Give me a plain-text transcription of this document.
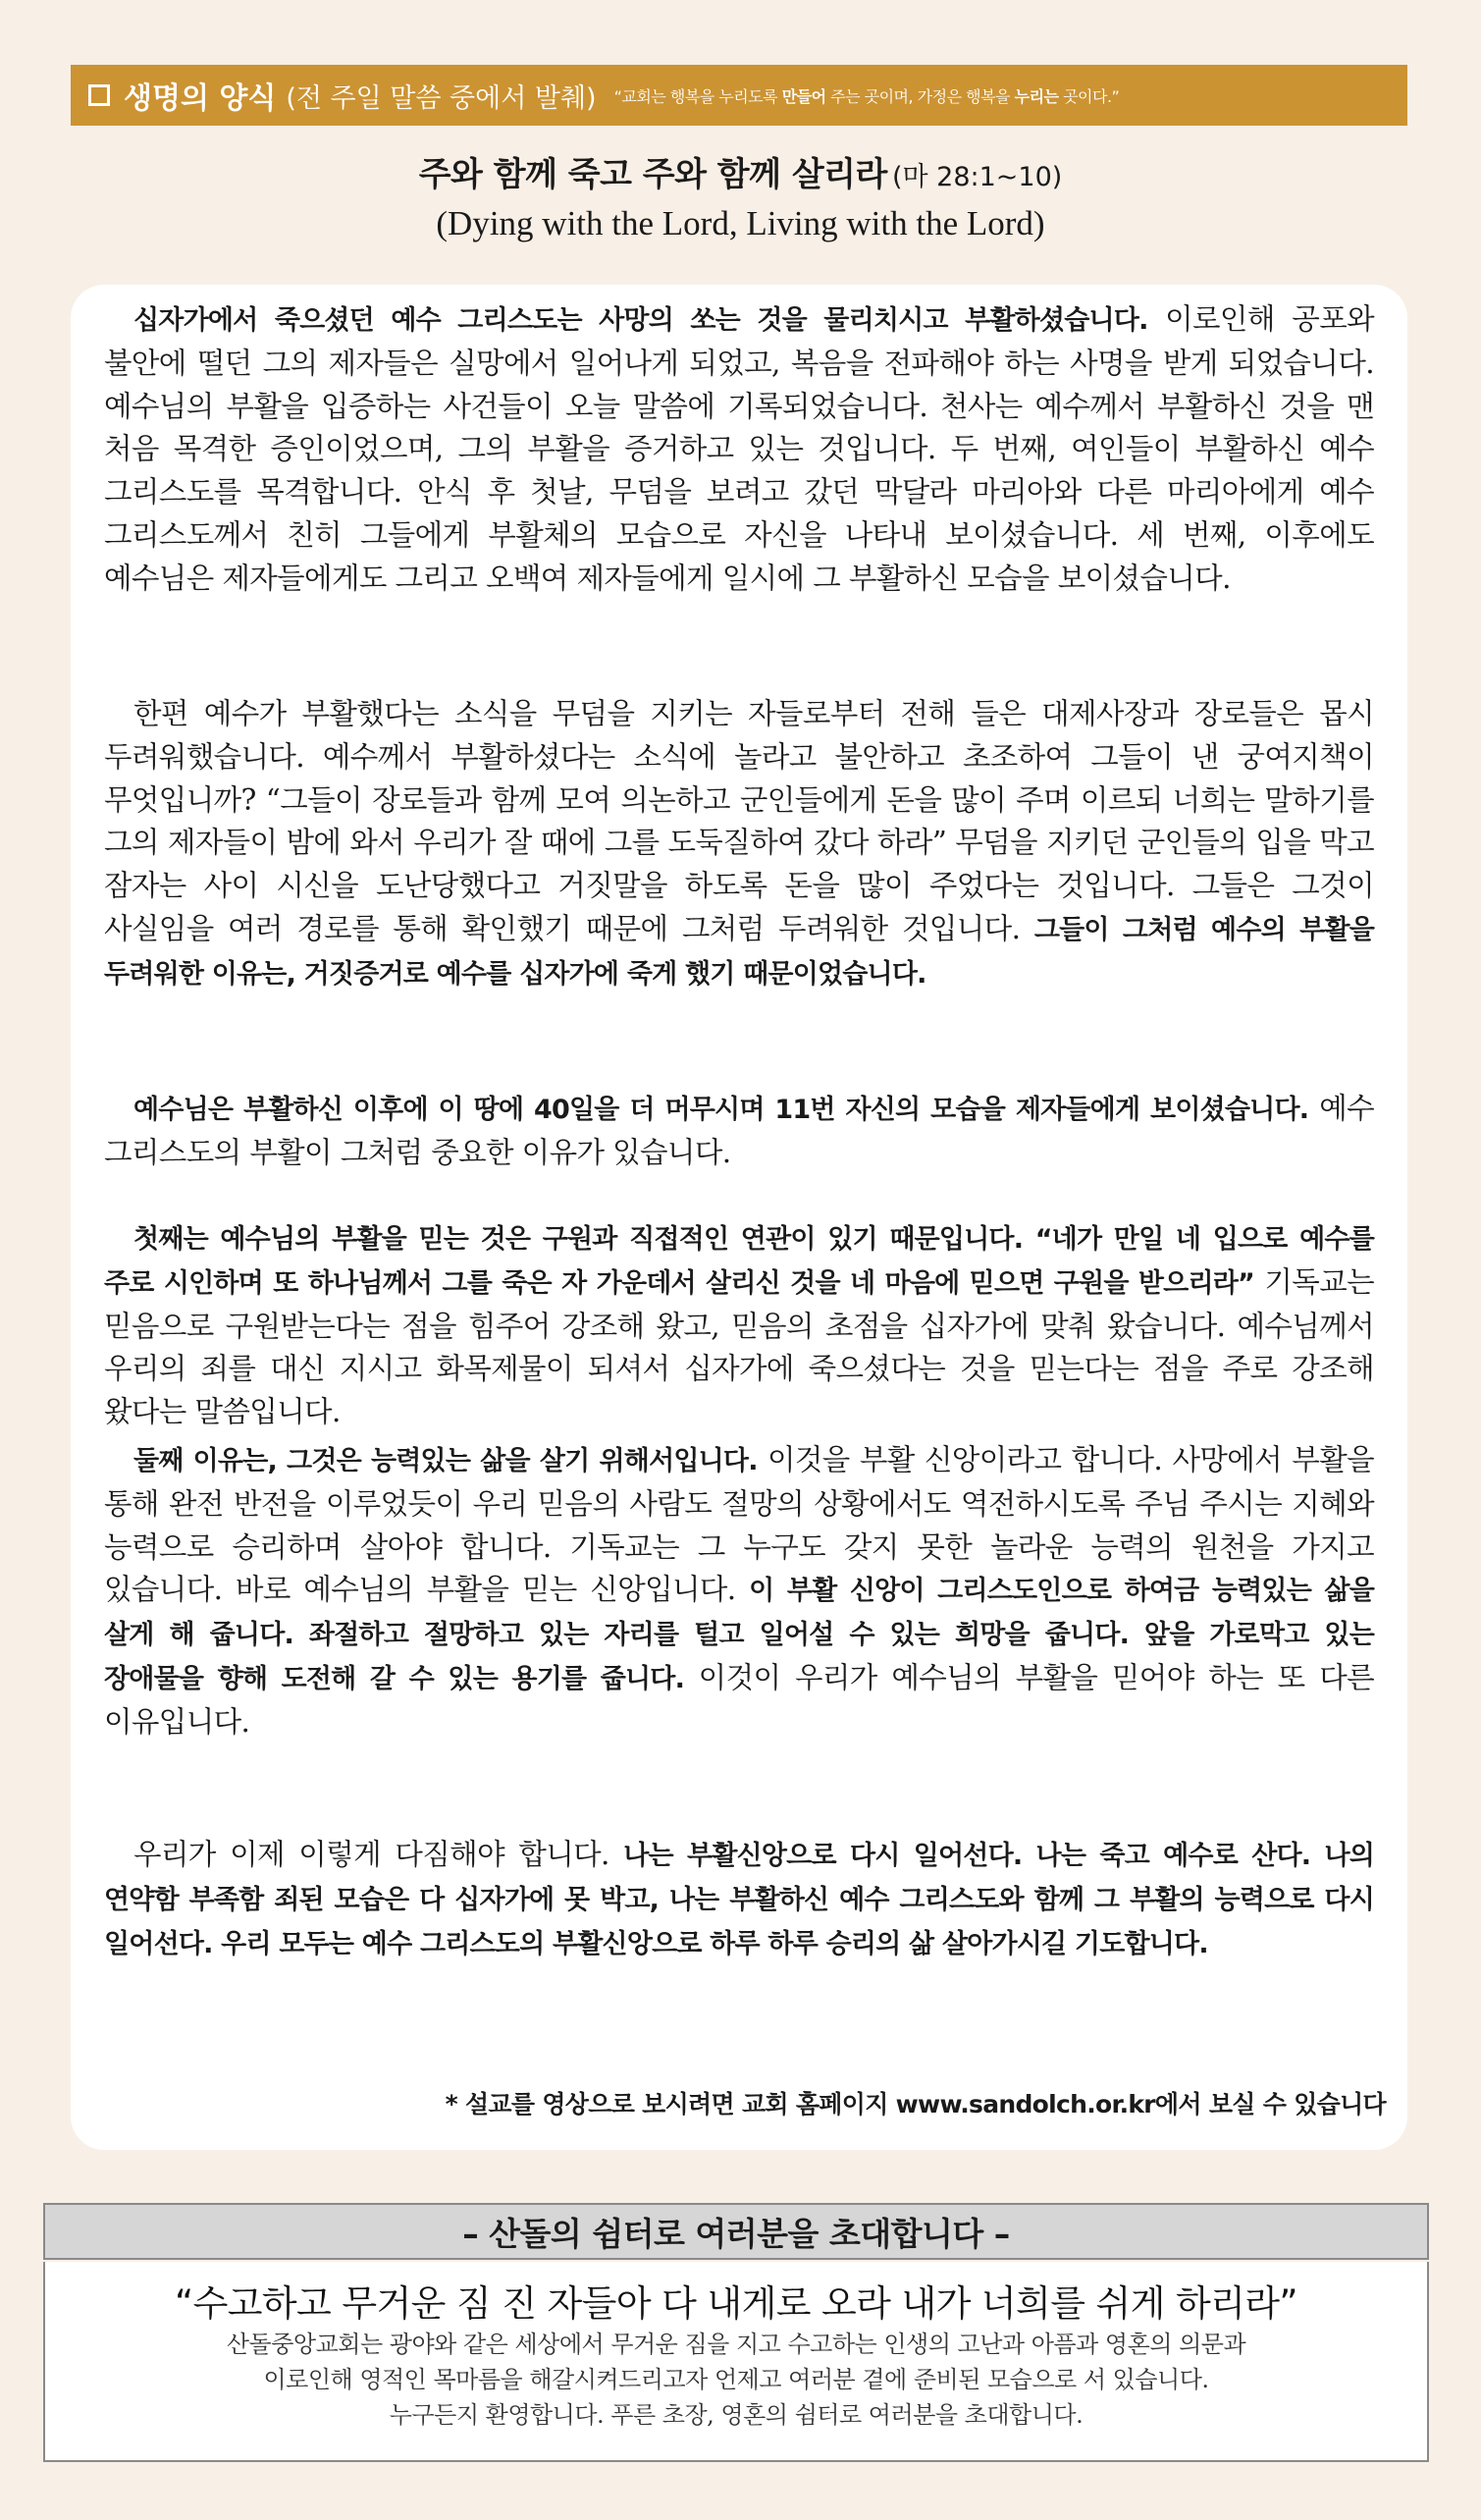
생명의 양식 (전 주일 말씀 중에서 발췌) “교회는 행복을 누리도록 만들어 주는 곳이며, 가정은 행복을 누리는 곳이다.”
주와 함께 죽고 주와 함께 살리라 (마 28:1~10)
(Dying with the Lord, Living with the Lord)

십자가에서 죽으셨던 예수 그리스도는 사망의 쏘는 것을 물리치시고 부활하셨습니다. 이로인해 공포와 불안에 떨던 그의 제자들은 실망에서 일어나게 되었고, 복음을 전파해야 하는 사명을 받게 되었습니다. 예수님의 부활을 입증하는 사건들이 오늘 말씀에 기록되었습니다. 천사는 예수께서 부활하신 것을 맨 처음 목격한 증인이었으며, 그의 부활을 증거하고 있는 것입니다. 두 번째, 여인들이 부활하신 예수 그리스도를 목격합니다. 안식 후 첫날, 무덤을 보려고 갔던 막달라 마리아와 다른 마리아에게 예수 그리스도께서 친히 그들에게 부활체의 모습으로 자신을 나타내 보이셨습니다. 세 번째, 이후에도 예수님은 제자들에게도 그리고 오백여 제자들에게 일시에 그 부활하신 모습을 보이셨습니다.

한편 예수가 부활했다는 소식을 무덤을 지키는 자들로부터 전해 들은 대제사장과 장로들은 몹시 두려워했습니다. 예수께서 부활하셨다는 소식에 놀라고 불안하고 초조하여 그들이 낸 궁여지책이 무엇입니까? “그들이 장로들과 함께 모여 의논하고 군인들에게 돈을 많이 주며 이르되 너희는 말하기를 그의 제자들이 밤에 와서 우리가 잘 때에 그를 도둑질하여 갔다 하라” 무덤을 지키던 군인들의 입을 막고 잠자는 사이 시신을 도난당했다고 거짓말을 하도록 돈을 많이 주었다는 것입니다. 그들은 그것이 사실임을 여러 경로를 통해 확인했기 때문에 그처럼 두려워한 것입니다. 그들이 그처럼 예수의 부활을 두려워한 이유는, 거짓증거로 예수를 십자가에 죽게 했기 때문이었습니다.

예수님은 부활하신 이후에 이 땅에 40일을 더 머무시며 11번 자신의 모습을 제자들에게 보이셨습니다. 예수 그리스도의 부활이 그처럼 중요한 이유가 있습니다.

첫째는 예수님의 부활을 믿는 것은 구원과 직접적인 연관이 있기 때문입니다. “네가 만일 네 입으로 예수를 주로 시인하며 또 하나님께서 그를 죽은 자 가운데서 살리신 것을 네 마음에 믿으면 구원을 받으리라” 기독교는 믿음으로 구원받는다는 점을 힘주어 강조해 왔고, 믿음의 초점을 십자가에 맞춰 왔습니다. 예수님께서 우리의 죄를 대신 지시고 화목제물이 되셔서 십자가에 죽으셨다는 것을 믿는다는 점을 주로 강조해 왔다는 말씀입니다.

둘째 이유는, 그것은 능력있는 삶을 살기 위해서입니다. 이것을 부활 신앙이라고 합니다. 사망에서 부활을 통해 완전 반전을 이루었듯이 우리 믿음의 사람도 절망의 상황에서도 역전하시도록 주님 주시는 지혜와 능력으로 승리하며 살아야 합니다. 기독교는 그 누구도 갖지 못한 놀라운 능력의 원천을 가지고 있습니다. 바로 예수님의 부활을 믿는 신앙입니다. 이 부활 신앙이 그리스도인으로 하여금 능력있는 삶을 살게 해 줍니다. 좌절하고 절망하고 있는 자리를 털고 일어설 수 있는 희망을 줍니다. 앞을 가로막고 있는 장애물을 향해 도전해 갈 수 있는 용기를 줍니다. 이것이 우리가 예수님의 부활을 믿어야 하는 또 다른 이유입니다.

우리가 이제 이렇게 다짐해야 합니다. 나는 부활신앙으로 다시 일어선다. 나는 죽고 예수로 산다. 나의 연약함 부족함 죄된 모습은 다 십자가에 못 박고, 나는 부활하신 예수 그리스도와 함께 그 부활의 능력으로 다시 일어선다. 우리 모두는 예수 그리스도의 부활신앙으로 하루 하루 승리의 삶 살아가시길 기도합니다.

* 설교를 영상으로 보시려면 교회 홈페이지 www.sandolch.or.kr에서 보실 수 있습니다
– 산돌의 쉼터로 여러분을 초대합니다 –
“수고하고 무거운 짐 진 자들아 다 내게로 오라 내가 너희를 쉬게 하리라”
산돌중앙교회는 광야와 같은 세상에서 무거운 짐을 지고 수고하는 인생의 고난과 아픔과 영혼의 의문과
이로인해 영적인 목마름을 해갈시켜드리고자 언제고 여러분 곁에 준비된 모습으로 서 있습니다.
누구든지 환영합니다. 푸른 초장, 영혼의 쉼터로 여러분을 초대합니다.
